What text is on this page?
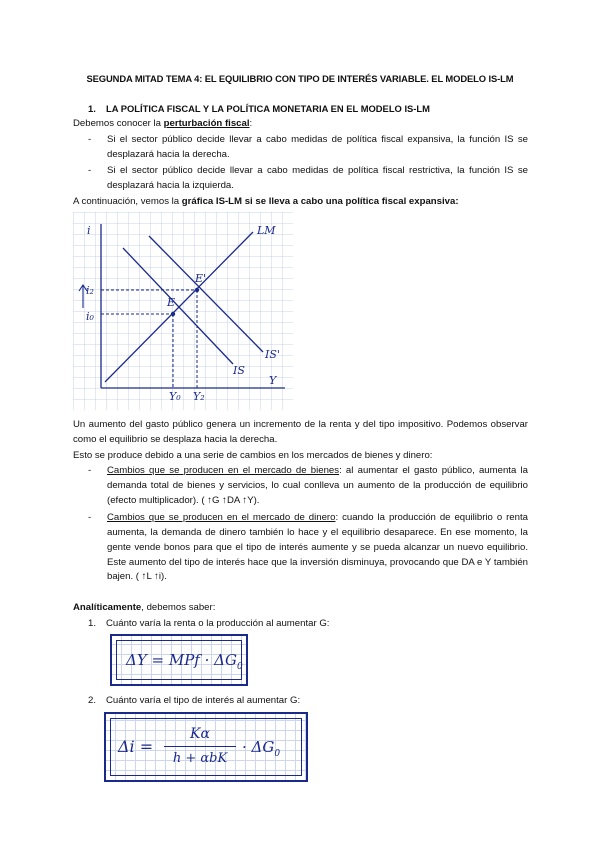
SEGUNDA MITAD TEMA 4: EL EQUILIBRIO CON TIPO DE INTERÉS VARIABLE. EL MODELO IS-LM
1. LA POLÍTICA FISCAL Y LA POLÍTICA MONETARIA EN EL MODELO IS-LM
Debemos conocer la perturbación fiscal:
- Si el sector público decide llevar a cabo medidas de política fiscal expansiva, la función IS se desplazará hacia la derecha.
- Si el sector público decide llevar a cabo medidas de política fiscal restrictiva, la función IS se desplazará hacia la izquierda.
A continuación, vemos la gráfica IS-LM si se lleva a cabo una política fiscal expansiva:
i
Y
LM
IS
IS'
E
E'
i₂
i₀
Y₀ Y₂
Un aumento del gasto público genera un incremento de la renta y del tipo impositivo. Podemos observar como el equilibrio se desplaza hacia la derecha.
Esto se produce debido a una serie de cambios en los mercados de bienes y dinero:
- Cambios que se producen en el mercado de bienes: al aumentar el gasto público, aumenta la demanda total de bienes y servicios, lo cual conlleva un aumento de la producción de equilibrio (efecto multiplicador). ( ↑G ↑DA ↑Y).
- Cambios que se producen en el mercado de dinero: cuando la producción de equilibrio o renta aumenta, la demanda de dinero también lo hace y el equilibrio desaparece. En ese momento, la gente vende bonos para que el tipo de interés aumente y se pueda alcanzar un nuevo equilibrio. Este aumento del tipo de interés hace que la inversión disminuya, provocando que DA e Y también bajen. ( ↑L ↑i).
Analíticamente, debemos saber:
1. Cuánto varía la renta o la producción al aumentar G:
ΔY = MPf · $\Delta G_0$
2. Cuánto varía el tipo de interés al aumentar G:
Δi =
Kα
h + αbK
· $\Delta G_0$
